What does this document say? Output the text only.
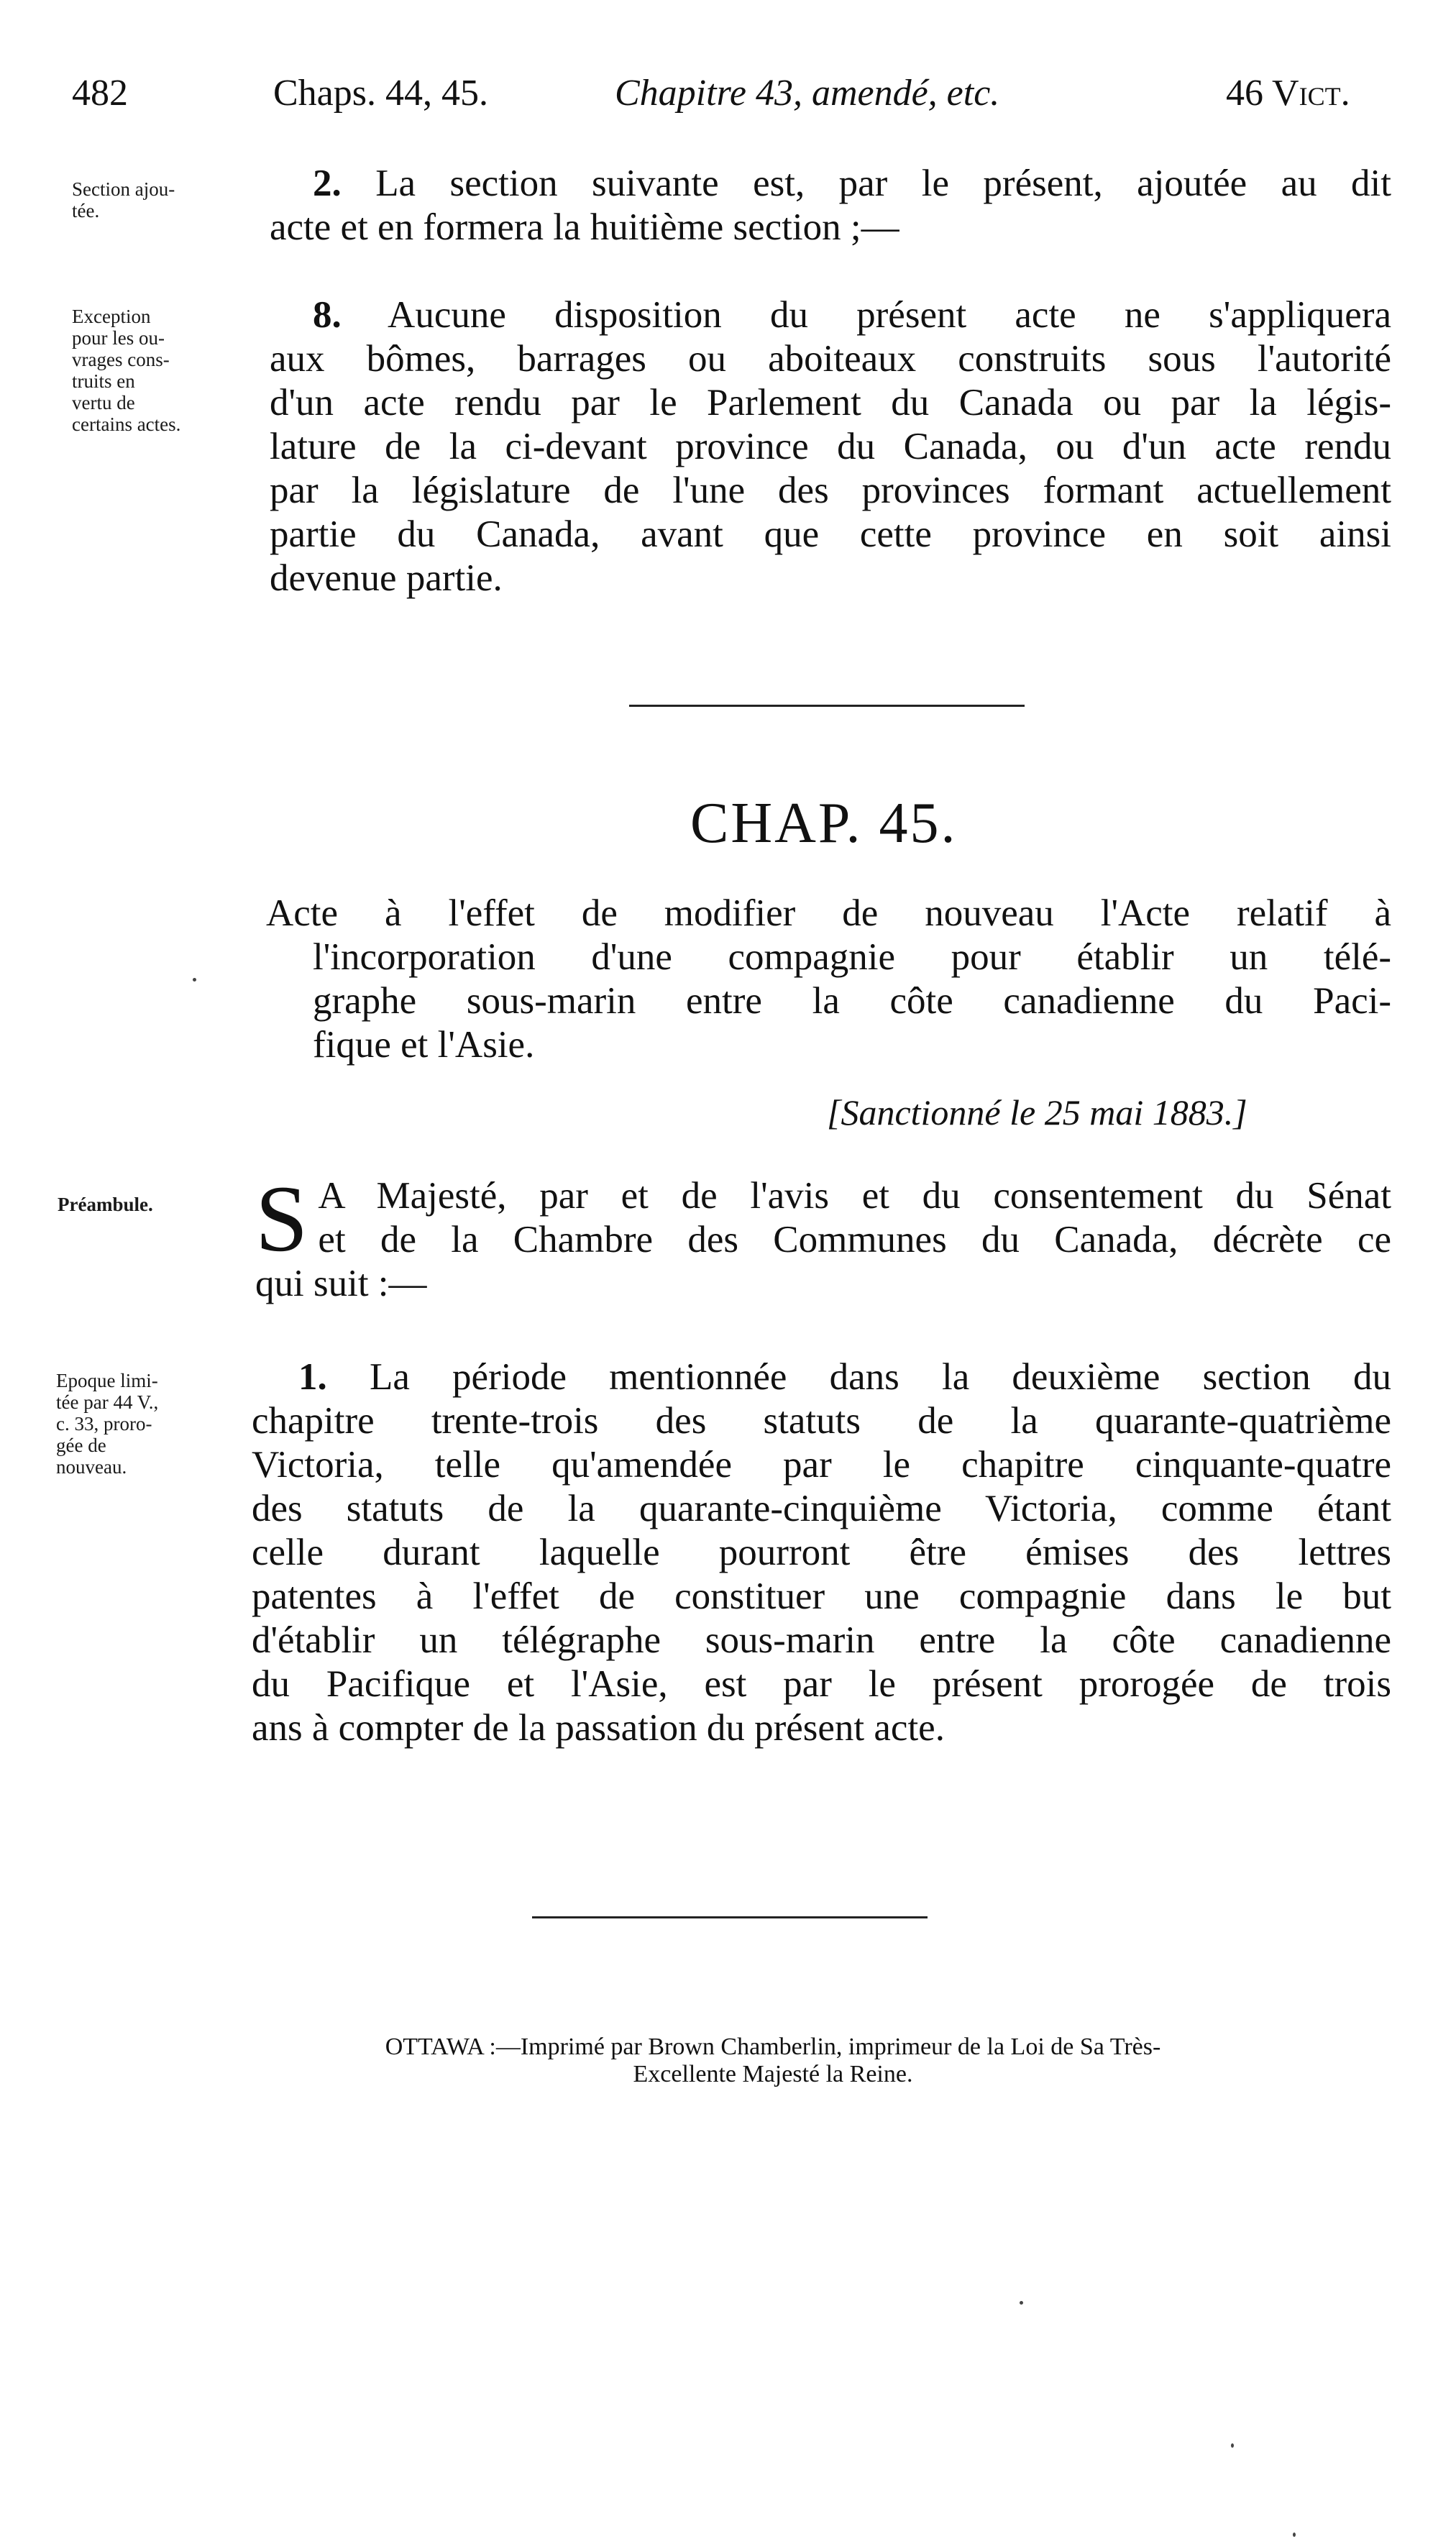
482	Chaps. 44, 45.	Chapitre 43, amendé, etc.	46 Vict.
Section ajou-
tée.
2. La section suivante est, par le présent, ajoutée au dit
acte et en formera la huitième section ;—
Exception
pour les ou-
vrages cons-
truits en
vertu de
certains actes.
8. Aucune disposition du présent acte ne s'appliquera
aux bômes, barrages ou aboiteaux construits sous l'autorité
d'un acte rendu par le Parlement du Canada ou par la légis-
lature de la ci-devant province du Canada, ou d'un acte rendu
par la législature de l'une des provinces formant actuellement
partie du Canada, avant que cette province en soit ainsi
devenue partie.
CHAP. 45.
Acte à l'effet de modifier de nouveau l'Acte relatif à
l'incorporation d'une compagnie pour établir un télé-
graphe sous-marin entre la côte canadienne du Paci-
fique et l'Asie.
[Sanctionné le 25 mai 1883.]
Préambule. S A Majesté, par et de l'avis et du consentement du Sénat
et de la Chambre des Communes du Canada, décrète ce
qui suit :—
Epoque limi-
tée par 44 V.,
c. 33, proro-
gée de
nouveau.
1. La période mentionnée dans la deuxième section du
chapitre trente-trois des statuts de la quarante-quatrième
Victoria, telle qu'amendée par le chapitre cinquante-quatre
des statuts de la quarante-cinquième Victoria, comme étant
celle durant laquelle pourront être émises des lettres
patentes à l'effet de constituer une compagnie dans le but
d'établir un télégraphe sous-marin entre la côte canadienne
du Pacifique et l'Asie, est par le présent prorogée de trois
ans à compter de la passation du présent acte.
OTTAWA :—Imprimé par Brown Chamberlin, imprimeur de la Loi de Sa Très-
Excellente Majesté la Reine.
